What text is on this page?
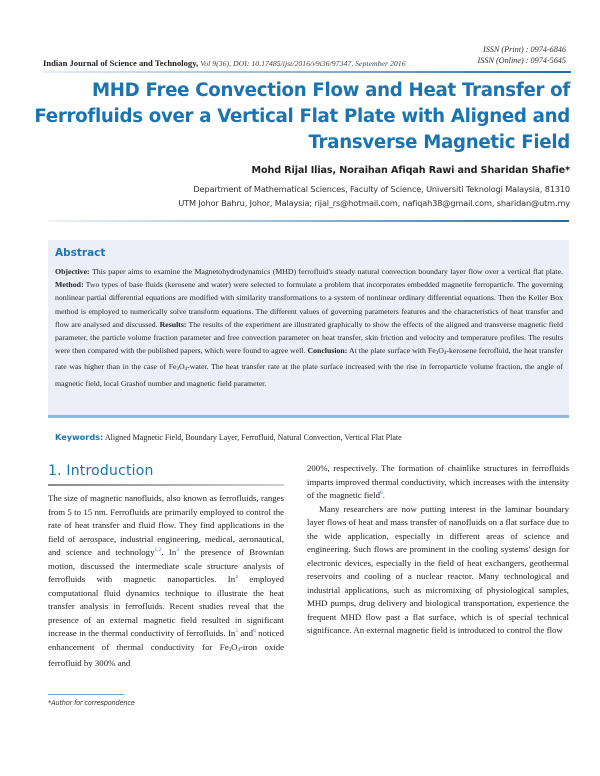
ISSN (Print) : 0974-6846
ISSN (Online) : 0974-5645
Indian Journal of Science and Technology, Vol 9(36), DOI: 10.17485/ijst/2016/v9i36/97347, September 2016
MHD Free Convection Flow and Heat Transfer of Ferrofluids over a Vertical Flat Plate with Aligned and Transverse Magnetic Field
Mohd Rijal Ilias, Noraihan Afiqah Rawi and Sharidan Shafie*
Department of Mathematical Sciences, Faculty of Science, Universiti Teknologi Malaysia, 81310
UTM Johor Bahru, Johor, Malaysia; rijal_rs@hotmail.com, nafiqah38@gmail.com, sharidan@utm.my
Abstract
Objective: This paper aims to examine the Magnetohydrodynamics (MHD) ferrofluid's steady natural convection boundary layer flow over a vertical flat plate. Method: Two types of base fluids (kerosene and water) were selected to formulate a problem that incorporates embedded magnetite ferroparticle. The governing nonlinear partial differential equations are modified with similarity transformations to a system of nonlinear ordinary differential equations. Then the Keller Box method is employed to numerically solve transform equations. The different values of governing parameters features and the characteristics of heat transfer and flow are analysed and discussed. Results: The results of the experiment are illustrated graphically to show the effects of the aligned and transverse magnetic field parameter, the particle volume fraction parameter and free convection parameter on heat transfer, skin friction and velocity and temperature profiles. The results were then compared with the published papers, which were found to agree well. Conclusion: At the plate surface with $Fe_3O_4$-kerosene ferrofluid, the heat transfer rate was higher than in the case of $Fe_3O_4$-water. The heat transfer rate at the plate surface increased with the rise in ferroparticle volume fraction, the angle of magnetic field, local Grashof number and magnetic field parameter.
Keywords: Aligned Magnetic Field, Boundary Layer, Ferrofluid, Natural Convection, Vertical Flat Plate
1. Introduction

The size of magnetic nanofluids, also known as ferrofluids, ranges from 5 to 15 nm. Ferrofluids are primarily employed to control the rate of heat transfer and fluid flow. They find applications in the field of aerospace, industrial engineering, medical, aeronautical, and science and technology$^{1,2}$. In$^3$ the presence of Brownian motion, discussed the intermediate scale structure analysis of ferrofluids with magnetic nanoparticles. In$^4$ employed computational fluid dynamics technique to illustrate the heat transfer analysis in ferrofluids. Recent studies reveal that the presence of an external magnetic field resulted in significant increase in the thermal conductivity of ferrofluids. In$^5$ and$^6$ noticed enhancement of thermal conductivity for $Fe_3O_4$-iron oxide ferrofluid by 300% and

200%, respectively. The formation of chainlike structures in ferrofluids imparts improved thermal conductivity, which increases with the intensity of the magnetic field$^6$.

Many researchers are now putting interest in the laminar boundary layer flows of heat and mass transfer of nanofluids on a flat surface due to the wide application, especially in different areas of science and engineering. Such flows are prominent in the cooling systems' design for electronic devices, especially in the field of heat exchangers, geothermal reservoirs and cooling of a nuclear reactor. Many technological and industrial applications, such as micromixing of physiological samples, MHD pumps, drug delivery and biological transportation, experience the frequent MHD flow past a flat surface, which is of special technical significance. An external magnetic field is introduced to control the flow

*Author for correspondence
